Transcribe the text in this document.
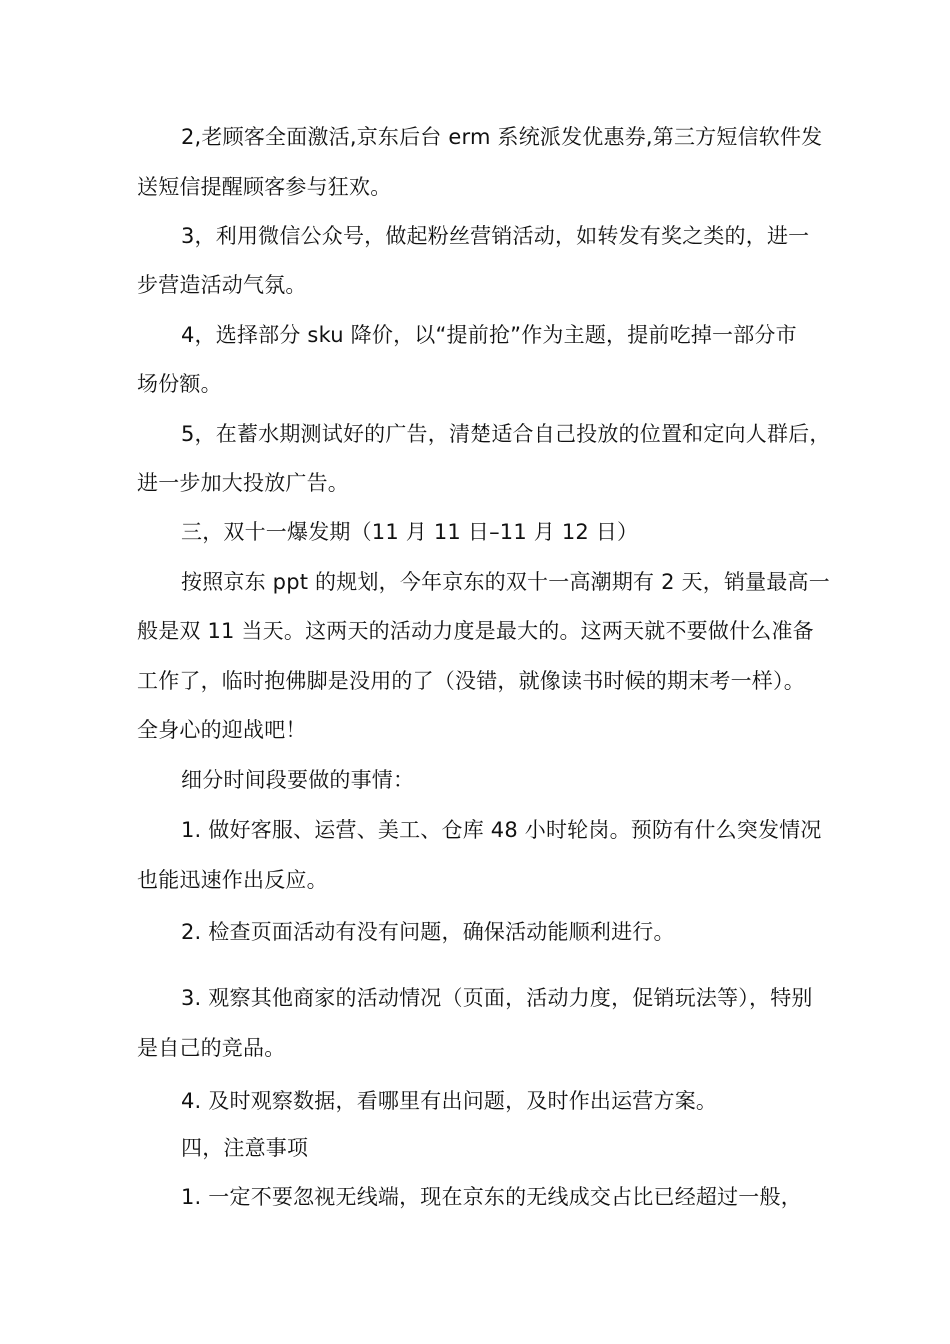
2,老顾客全面激活,京东后台 erm 系统派发优惠券,第三方短信软件发
送短信提醒顾客参与狂欢。
3，利用微信公众号，做起粉丝营销活动，如转发有奖之类的，进一
步营造活动气氛。
4，选择部分 sku 降价，以“提前抢”作为主题，提前吃掉一部分市
场份额。
5，在蓄水期测试好的广告，清楚适合自己投放的位置和定向人群后，
进一步加大投放广告。
三，双十一爆发期（11 月 11 日–11 月 12 日）
按照京东 ppt 的规划，今年京东的双十一高潮期有 2 天，销量最高一
般是双 11 当天。这两天的活动力度是最大的。这两天就不要做什么准备
工作了，临时抱佛脚是没用的了（没错，就像读书时候的期末考一样）。
全身心的迎战吧！
细分时间段要做的事情：
1. 做好客服、运营、美工、仓库 48 小时轮岗。预防有什么突发情况
也能迅速作出反应。
2. 检查页面活动有没有问题，确保活动能顺利进行。
3. 观察其他商家的活动情况（页面，活动力度，促销玩法等），特别
是自己的竞品。
4. 及时观察数据，看哪里有出问题，及时作出运营方案。
四，注意事项
1. 一定不要忽视无线端，现在京东的无线成交占比已经超过一般，
